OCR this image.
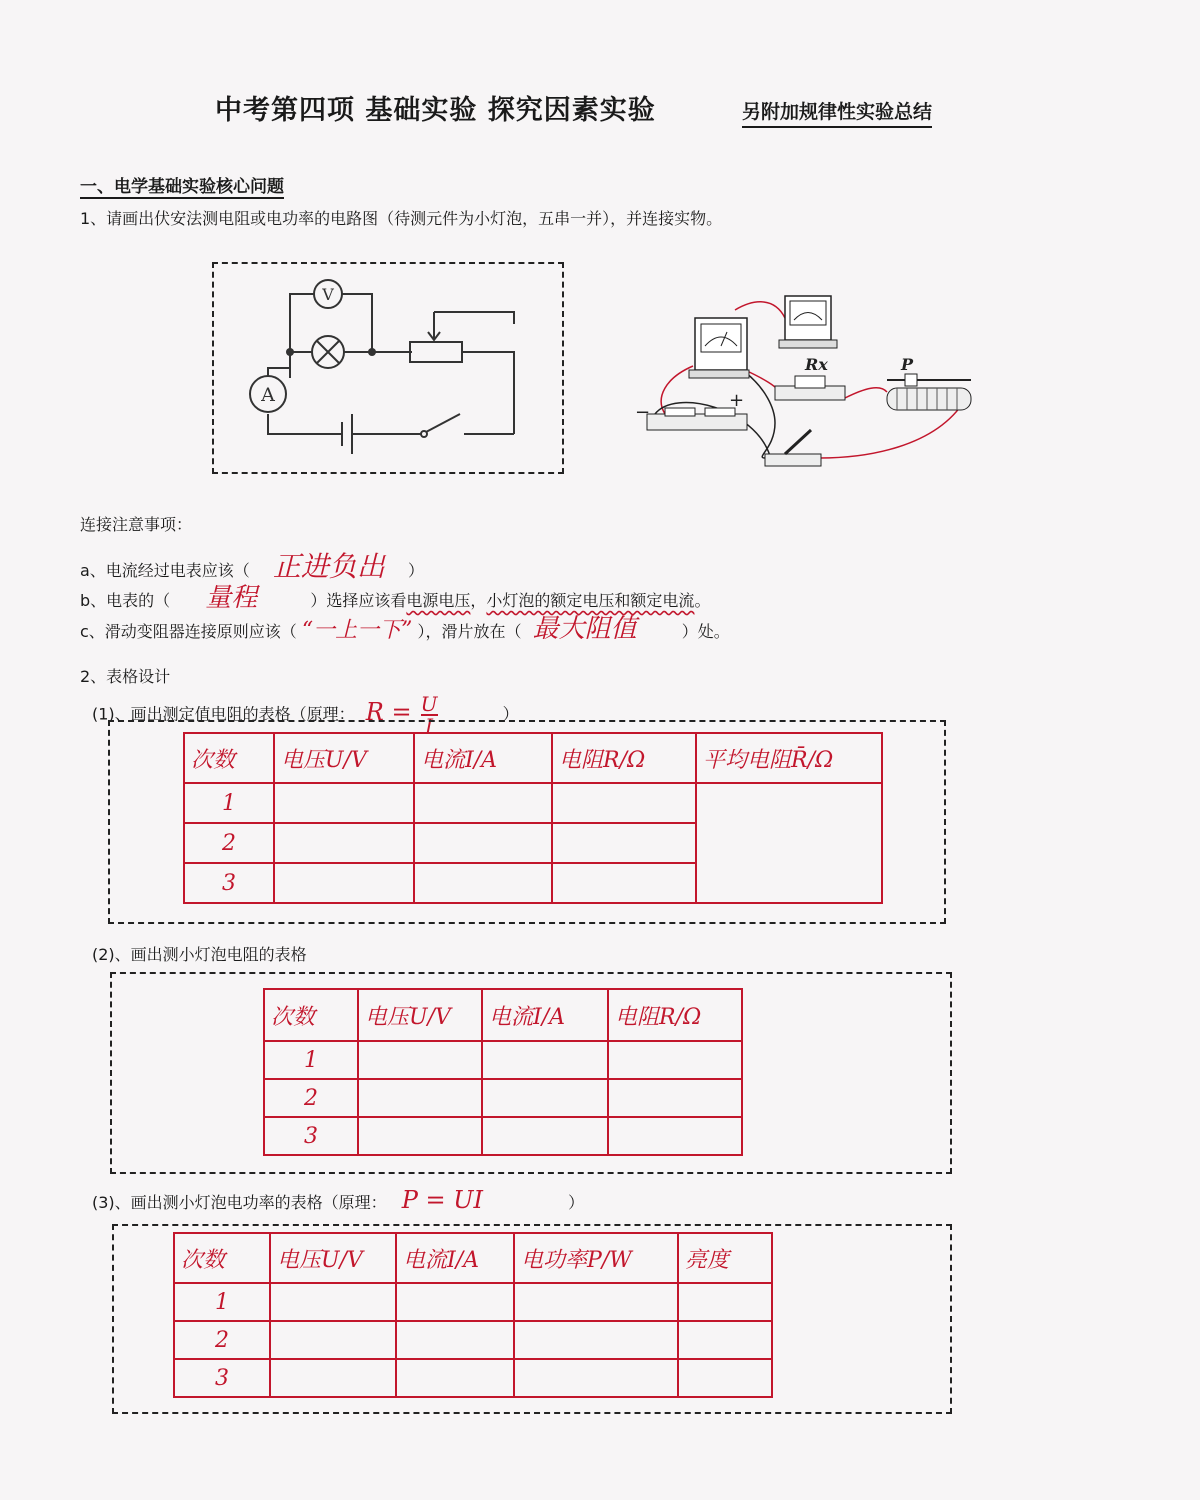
中考第四项 基础实验 探究因素实验	另附加规律性实验总结
一、电学基础实验核心问题
1、请画出伏安法测电阻或电功率的电路图（待测元件为小灯泡，五串一并），并连接实物。
V
A
Rx	P
−
+
连接注意事项：
a、电流经过电表应该（ 正进负出 ）
b、电表的（ 量程	）选择应该看电源电压，小灯泡的额定电压和额定电流。
c、滑动变阻器连接原则应该（ “一上一下” ），滑片放在（ 最大阻值	）处。
2、表格设计
(1)、画出测定值电阻的表格（原理： $R = \frac{U}{I}$	）
次数	电压U/V	电流I/A	电阻R/Ω	平均电阻R̄/Ω
1				
2				
3				
(2)、画出测小灯泡电阻的表格
次数	电压U/V	电流I/A	电阻R/Ω
1			
2			
3			
(3)、画出测小灯泡电功率的表格（原理： P = UI	）
次数	电压U/V	电流I/A	电功率P/W	亮度
1				
2				
3				
